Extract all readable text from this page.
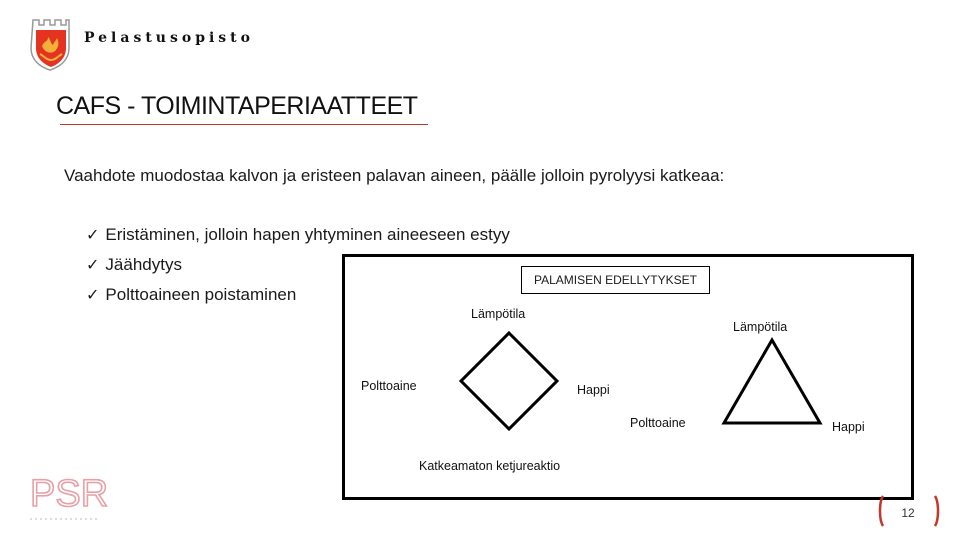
Pelastusopisto
CAFS - TOIMINTAPERIAATTEET
Vaahdote muodostaa kalvon ja eristeen palavan aineen, päälle jolloin pyrolyysi katkeaa:
✓ Eristäminen, jolloin hapen yhtyminen aineeseen estyy
✓ Jäähdytys
✓ Polttoaineen poistaminen
PALAMISEN EDELLYTYKSET
Lämpötila
Polttoaine	Happi
Katkeamaton ketjureaktio
Lämpötila
Polttoaine	Happi
PSR	12
